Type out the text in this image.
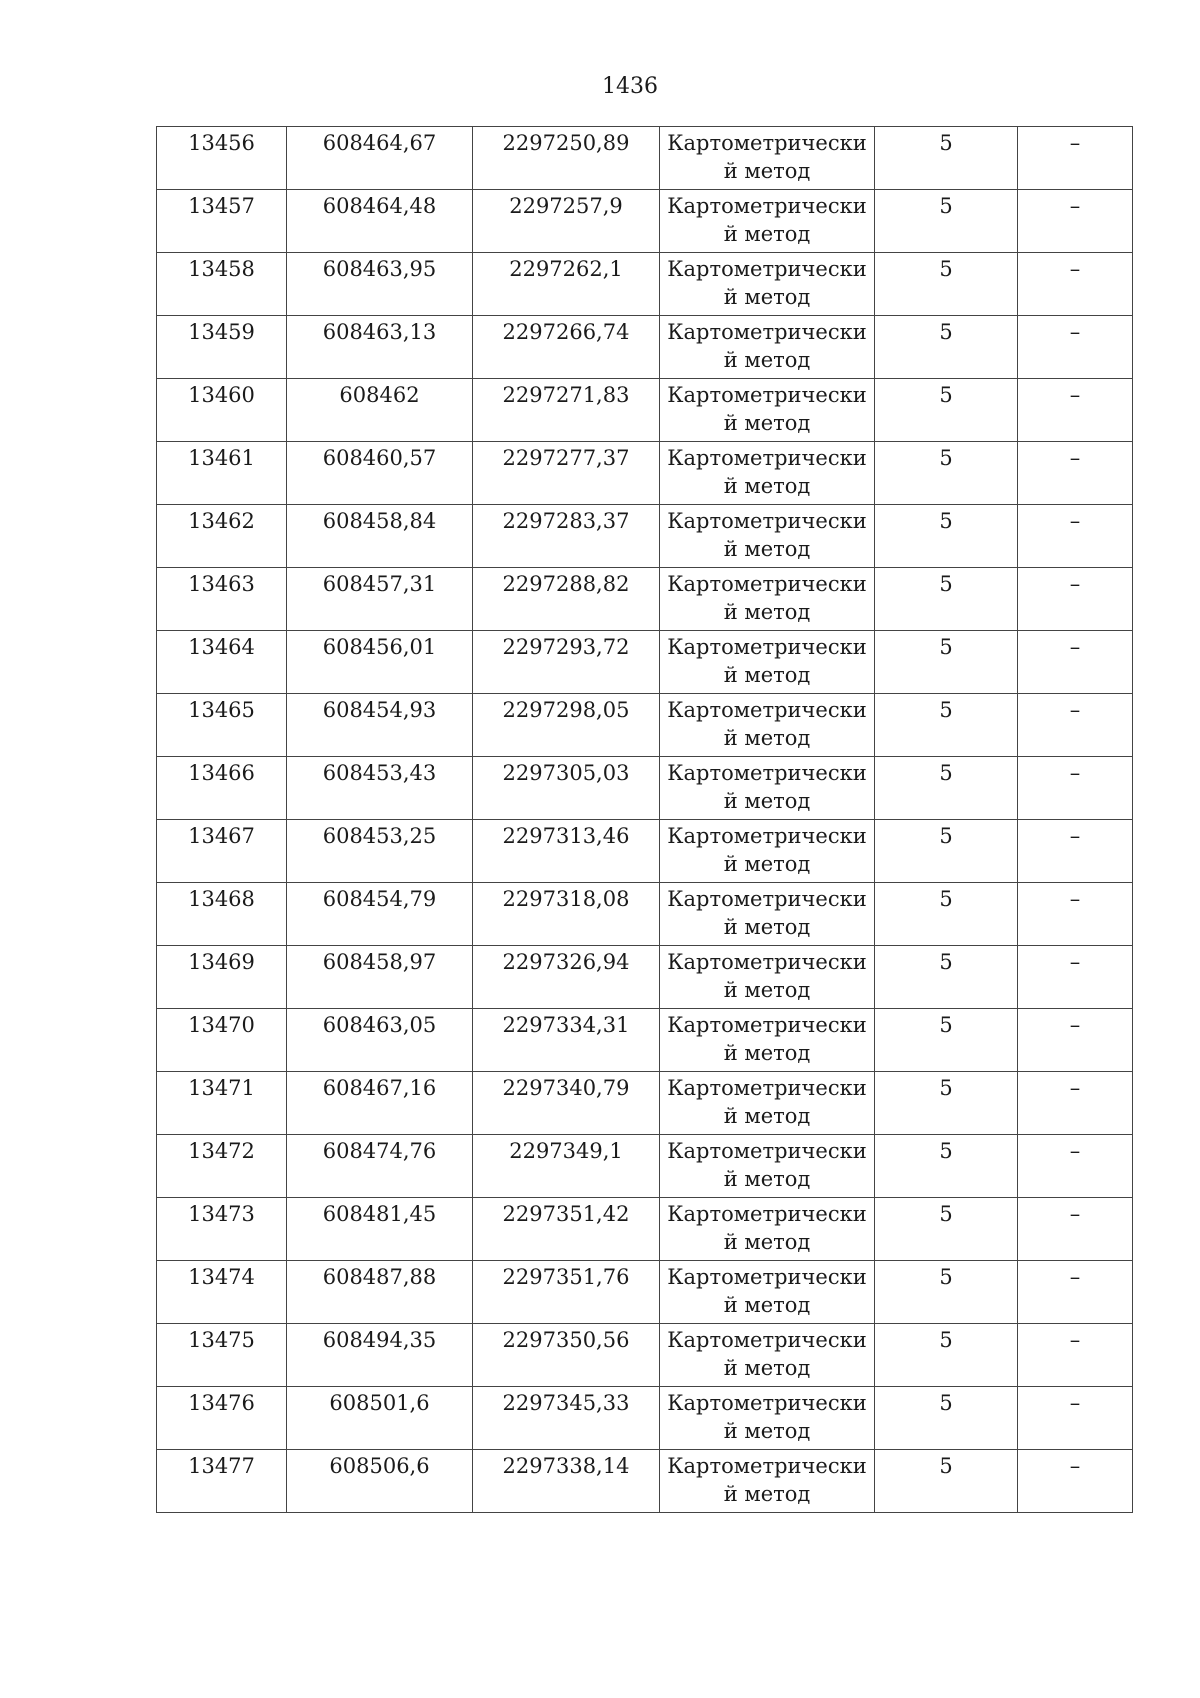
1436
13456	608464,67	2297250,89	Картометрически
й метод	5	–

13457	608464,48	2297257,9	Картометрически
й метод	5	–

13458	608463,95	2297262,1	Картометрически
й метод	5	–

13459	608463,13	2297266,74	Картометрически
й метод	5	–

13460	608462	2297271,83	Картометрически
й метод	5	–

13461	608460,57	2297277,37	Картометрически
й метод	5	–

13462	608458,84	2297283,37	Картометрически
й метод	5	–

13463	608457,31	2297288,82	Картометрически
й метод	5	–

13464	608456,01	2297293,72	Картометрически
й метод	5	–

13465	608454,93	2297298,05	Картометрически
й метод	5	–

13466	608453,43	2297305,03	Картометрически
й метод	5	–

13467	608453,25	2297313,46	Картометрически
й метод	5	–

13468	608454,79	2297318,08	Картометрически
й метод	5	–

13469	608458,97	2297326,94	Картометрически
й метод	5	–

13470	608463,05	2297334,31	Картометрически
й метод	5	–

13471	608467,16	2297340,79	Картометрически
й метод	5	–

13472	608474,76	2297349,1	Картометрически
й метод	5	–

13473	608481,45	2297351,42	Картометрически
й метод	5	–

13474	608487,88	2297351,76	Картометрически
й метод	5	–

13475	608494,35	2297350,56	Картометрически
й метод	5	–

13476	608501,6	2297345,33	Картометрически
й метод	5	–

13477	608506,6	2297338,14	Картометрически
й метод	5	–
